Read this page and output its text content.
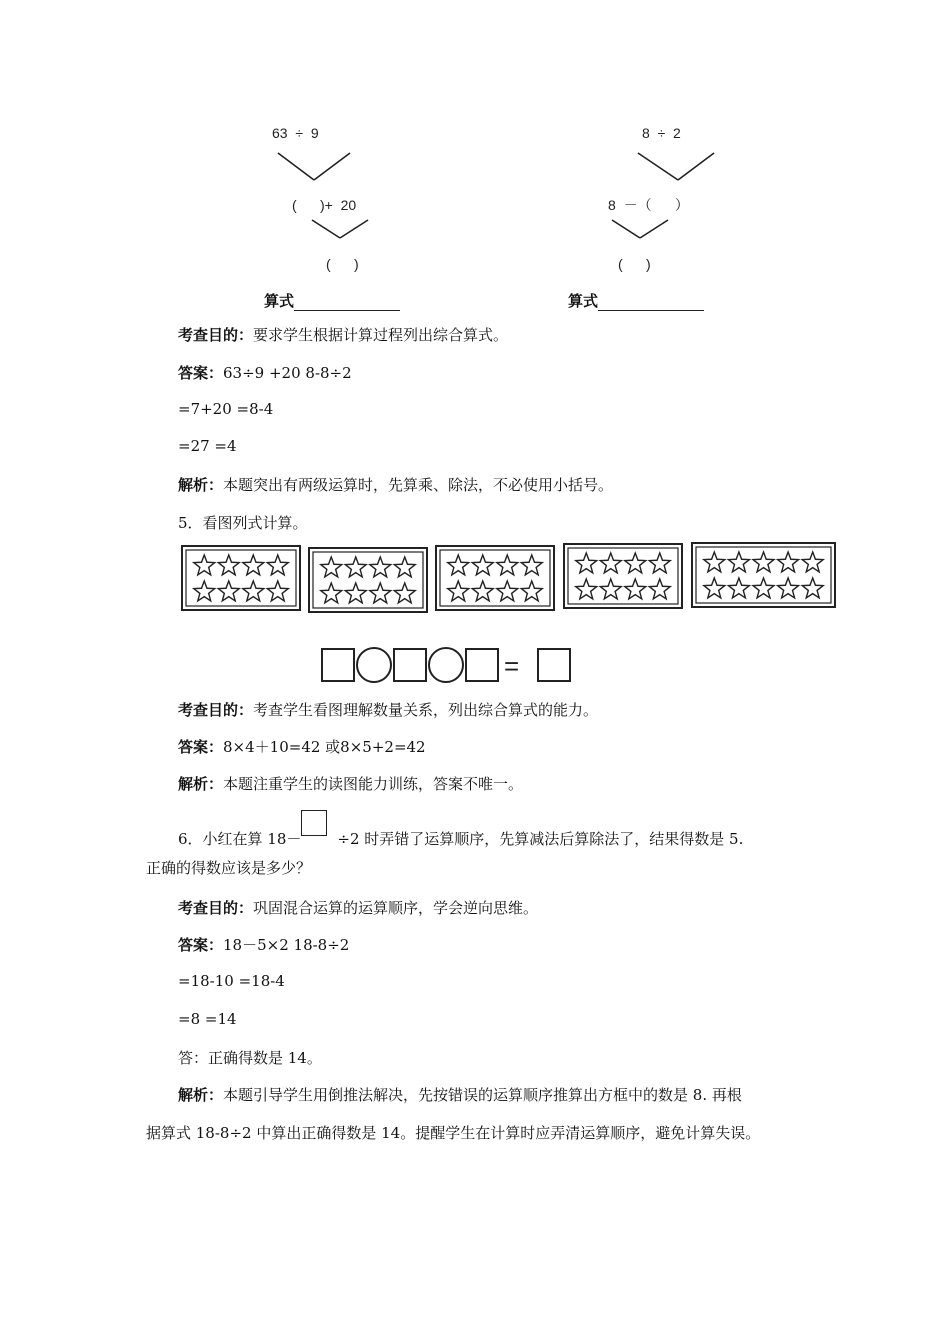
63  ÷  9
(      )+  20
(      )
算式
8  ÷  2
8  －（      ）
(      )
算式
考查目的：要求学生根据计算过程列出综合算式。
答案：63÷9 +20 8-8÷2
=7+20 =8-4
=27 =4
解析：本题突出有两级运算时，先算乘、除法，不必使用小括号。
5．看图列式计算。
=
考查目的：考查学生看图理解数量关系，列出综合算式的能力。
答案：8×4＋10=42 或8×5+2=42
解析：本题注重学生的读图能力训练，答案不唯一。
6．小红在算 18－ ÷2 时弄错了运算顺序，先算减法后算除法了，结果得数是 5.
正确的得数应该是多少？
考查目的：巩固混合运算的运算顺序，学会逆向思维。
答案：18－5×2 18-8÷2
=18-10 =18-4
=8 =14
答：正确得数是 14。
解析：本题引导学生用倒推法解决，先按错误的运算顺序推算出方框中的数是 8. 再根
据算式 18-8÷2 中算出正确得数是 14。提醒学生在计算时应弄清运算顺序，避免计算失误。
